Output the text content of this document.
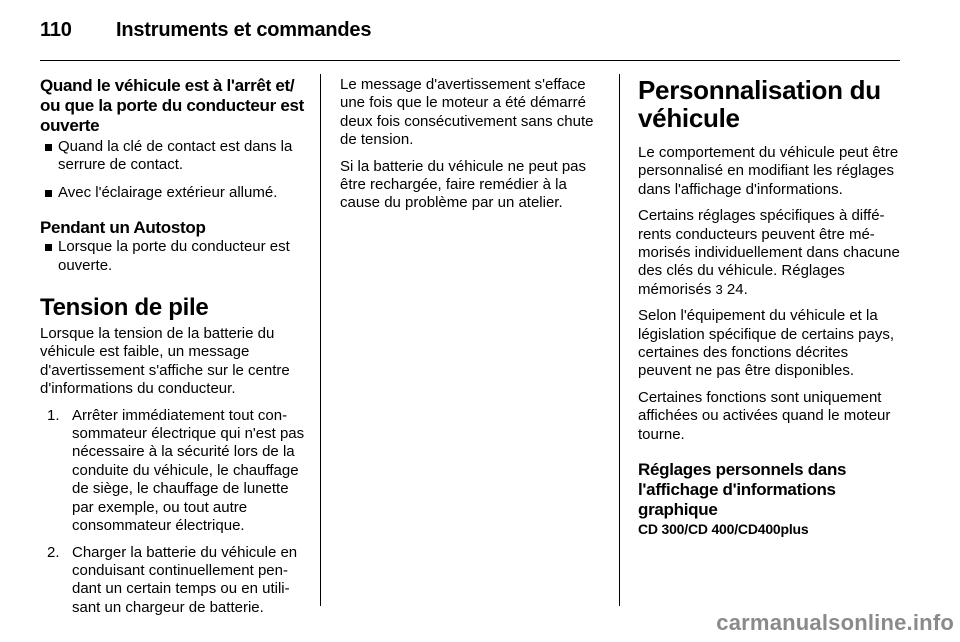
110 Instruments et commandes
Quand le véhicule est à l'arrêt et/ ou que la porte du conducteur est ouverte

Quand la clé de contact est dans la serrure de contact.

Avec l'éclairage extérieur allumé.

Pendant un Autostop

Lorsque la porte du conducteur est ouverte.

Tension de pile

Lorsque la tension de la batterie du véhicule est faible, un message d'avertissement s'affiche sur le centre d'informations du conducteur.

1. Arrêter immédiatement tout consommateur électrique qui n'est pas nécessaire à la sécurité lors de la conduite du véhicule, le chauffage de siège, le chauffage de lunette par exemple, ou tout autre consommateur électrique.

2. Charger la batterie du véhicule en conduisant continuellement pendant un certain temps ou en utilisant un chargeur de batterie.

Le message d'avertissement s'efface une fois que le moteur a été démarré deux fois consécutivement sans chute de tension.

Si la batterie du véhicule ne peut pas être rechargée, faire remédier à la cause du problème par un atelier.

Personnalisation du véhicule

Le comportement du véhicule peut être personnalisé en modifiant les réglages dans l'affichage d'informations.

Certains réglages spécifiques à différents conducteurs peuvent être mémorisés individuellement dans chacune des clés du véhicule. Réglages mémorisés 3 24.

Selon l'équipement du véhicule et la législation spécifique de certains pays, certaines des fonctions décrites peuvent ne pas être disponibles.

Certaines fonctions sont uniquement affichées ou activées quand le moteur tourne.

Réglages personnels dans l'affichage d'informations graphique

CD 300/CD 400/CD400plus

carmanualsonline.info
